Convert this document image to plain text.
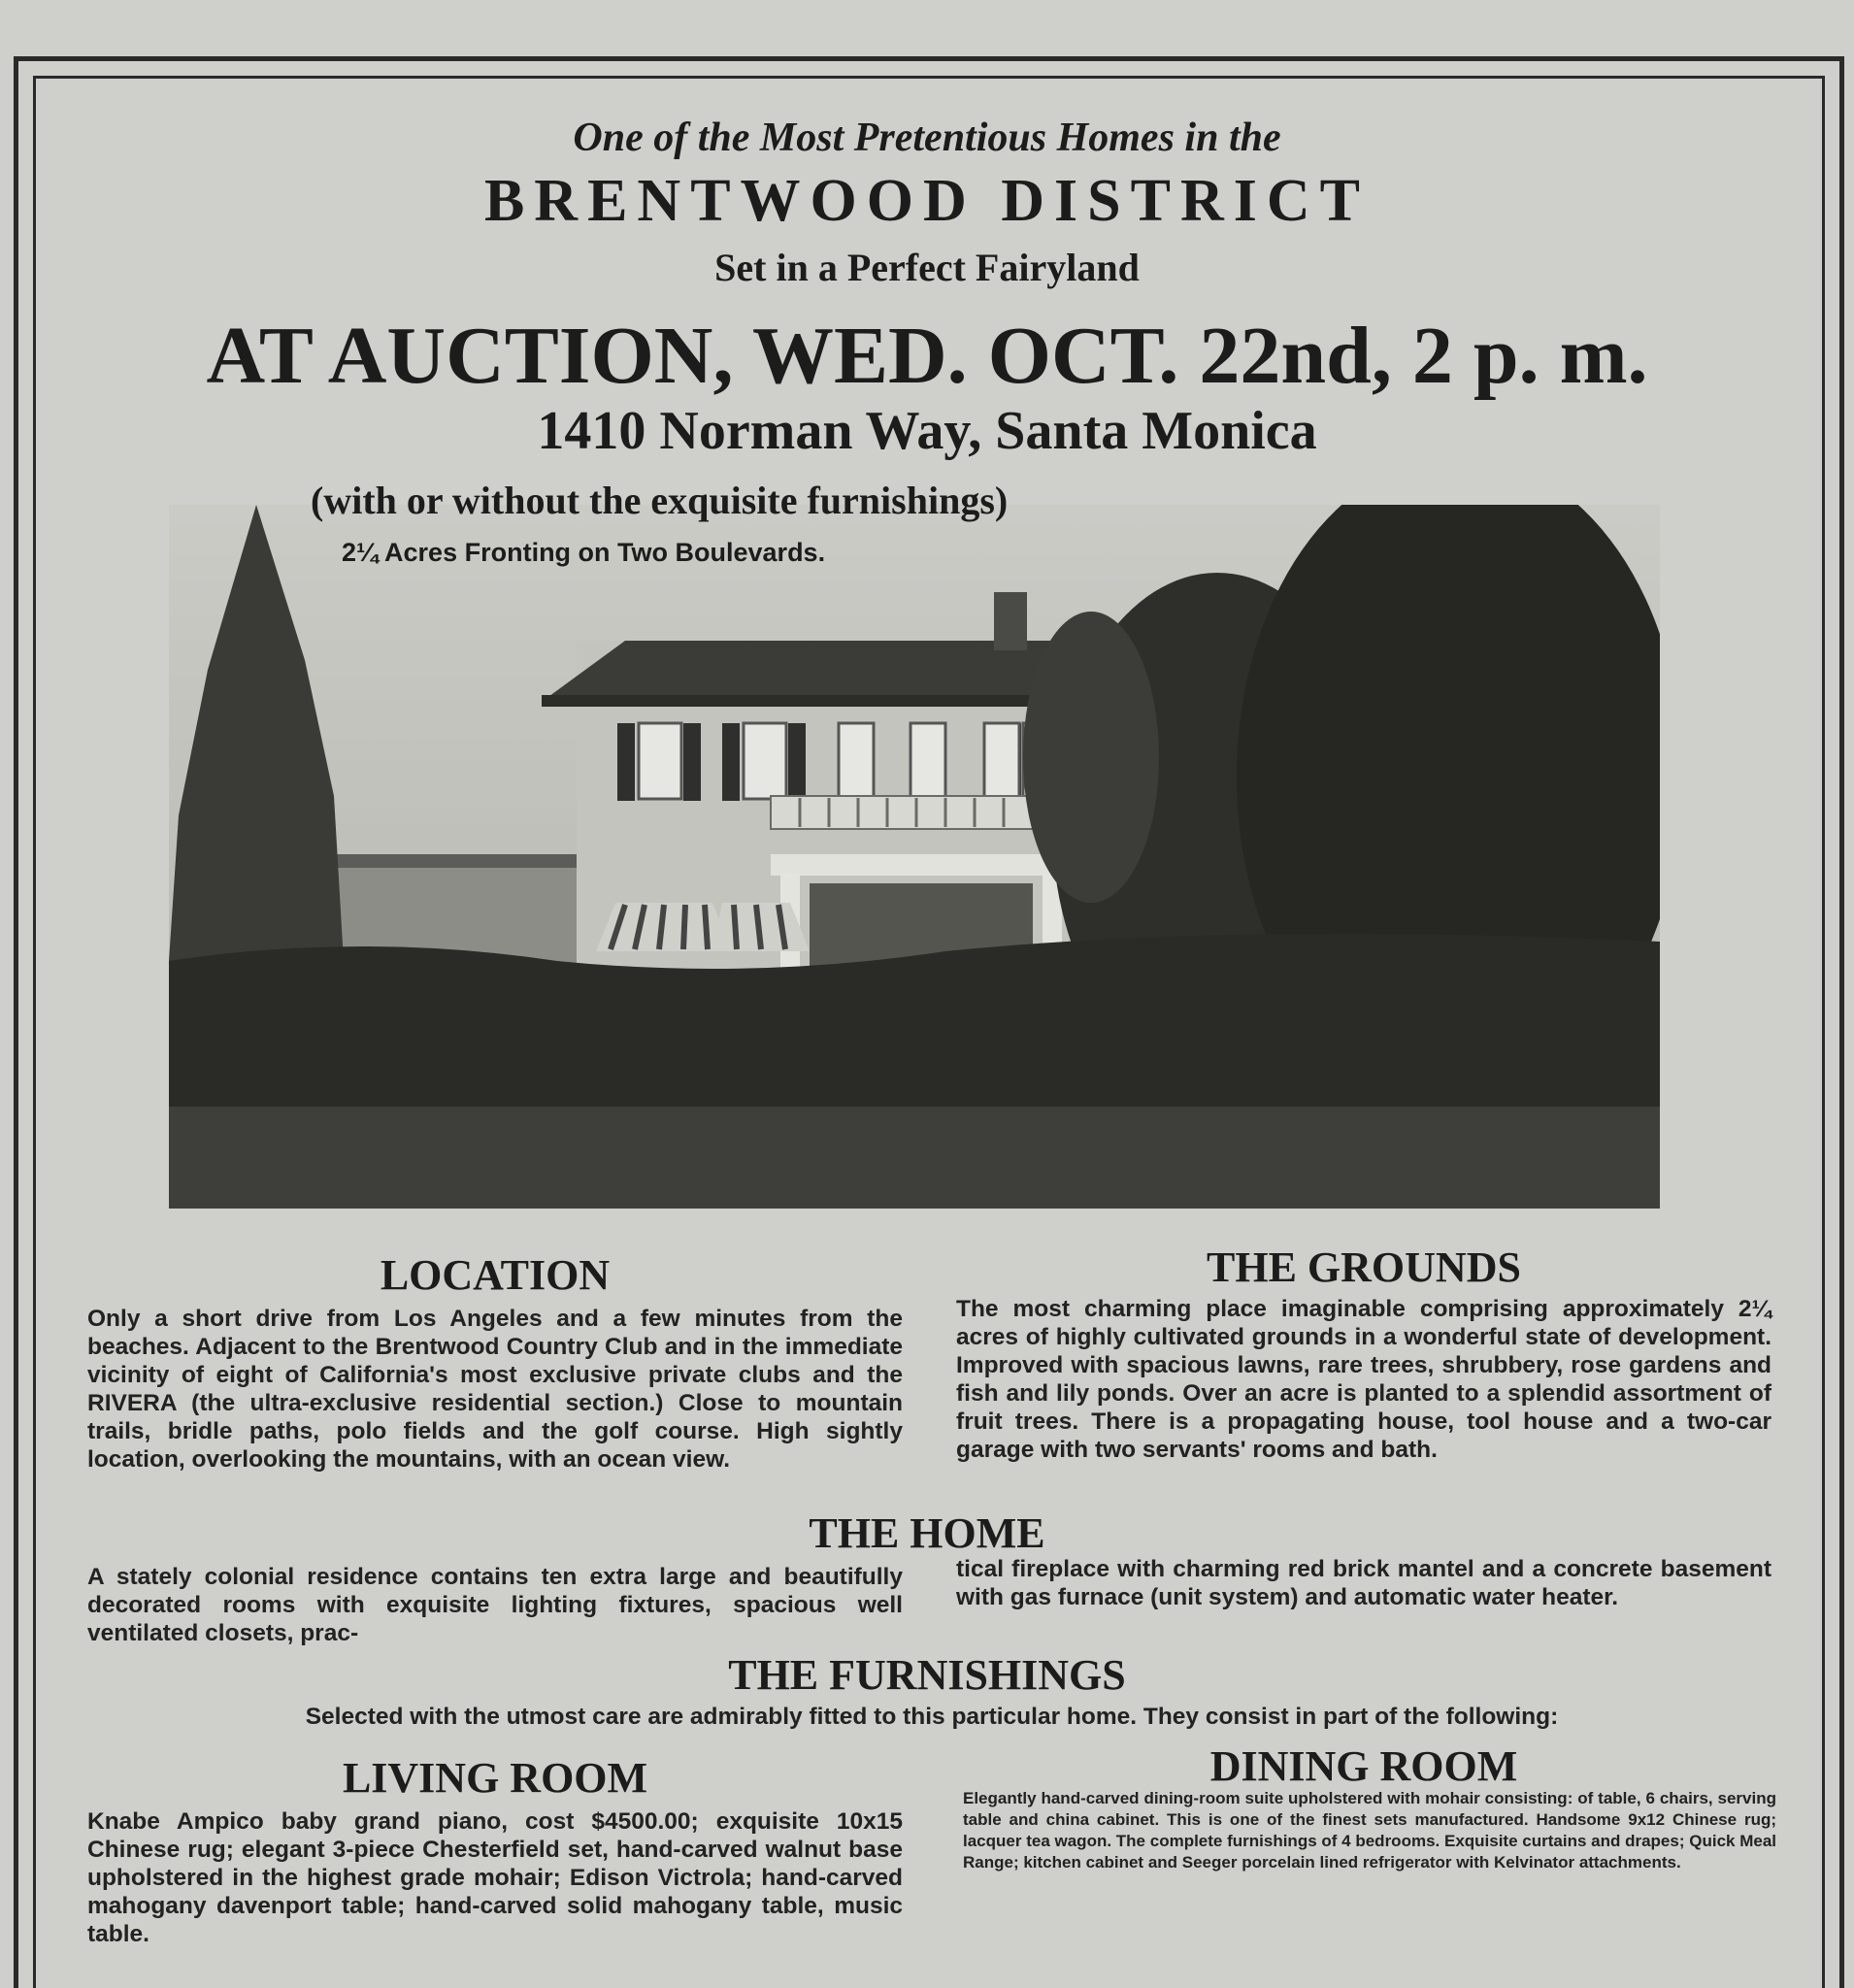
One of the Most Pretentious Homes in the
BRENTWOOD DISTRICT
Set in a Perfect Fairyland
AT AUCTION, WED. OCT. 22nd, 2 p. m.
1410 Norman Way, Santa Monica
(with or without the exquisite furnishings)
2¼ Acres Fronting on Two Boulevards.
LOCATION
Only a short drive from Los Angeles and a few minutes from the beaches. Adjacent to the Brentwood Country Club and in the immediate vicinity of eight of California's most exclusive private clubs and the RIVERA (the ultra-exclusive residential section.) Close to mountain trails, bridle paths, polo fields and the golf course. High sightly location, overlooking the mountains, with an ocean view.
THE GROUNDS
The most charming place imaginable comprising approximately 2¼ acres of highly cultivated grounds in a wonderful state of development. Improved with spacious lawns, rare trees, shrubbery, rose gardens and fish and lily ponds. Over an acre is planted to a splendid assortment of fruit trees. There is a propagating house, tool house and a two-car garage with two servants' rooms and bath.
THE HOME
A stately colonial residence contains ten extra large and beautifully decorated rooms with exquisite lighting fixtures, spacious well ventilated closets, prac-
tical fireplace with charming red brick mantel and a concrete basement with gas furnace (unit system) and automatic water heater.
THE FURNISHINGS
Selected with the utmost care are admirably fitted to this particular home. They consist in part of the following:
LIVING ROOM
Knabe Ampico baby grand piano, cost $4500.00; exquisite 10x15 Chinese rug; elegant 3-piece Chesterfield set, hand-carved walnut base upholstered in the highest grade mohair; Edison Victrola; hand-carved mahogany davenport table; hand-carved solid mahogany table, music table.
DINING ROOM
Elegantly hand-carved dining-room suite upholstered with mohair consisting: of table, 6 chairs, serving table and china cabinet. This is one of the finest sets manufactured. Handsome 9x12 Chinese rug; lacquer tea wagon. The complete furnishings of 4 bedrooms. Exquisite curtains and drapes; Quick Meal Range; kitchen cabinet and Seeger porcelain lined refrigerator with Kelvinator attachments.
